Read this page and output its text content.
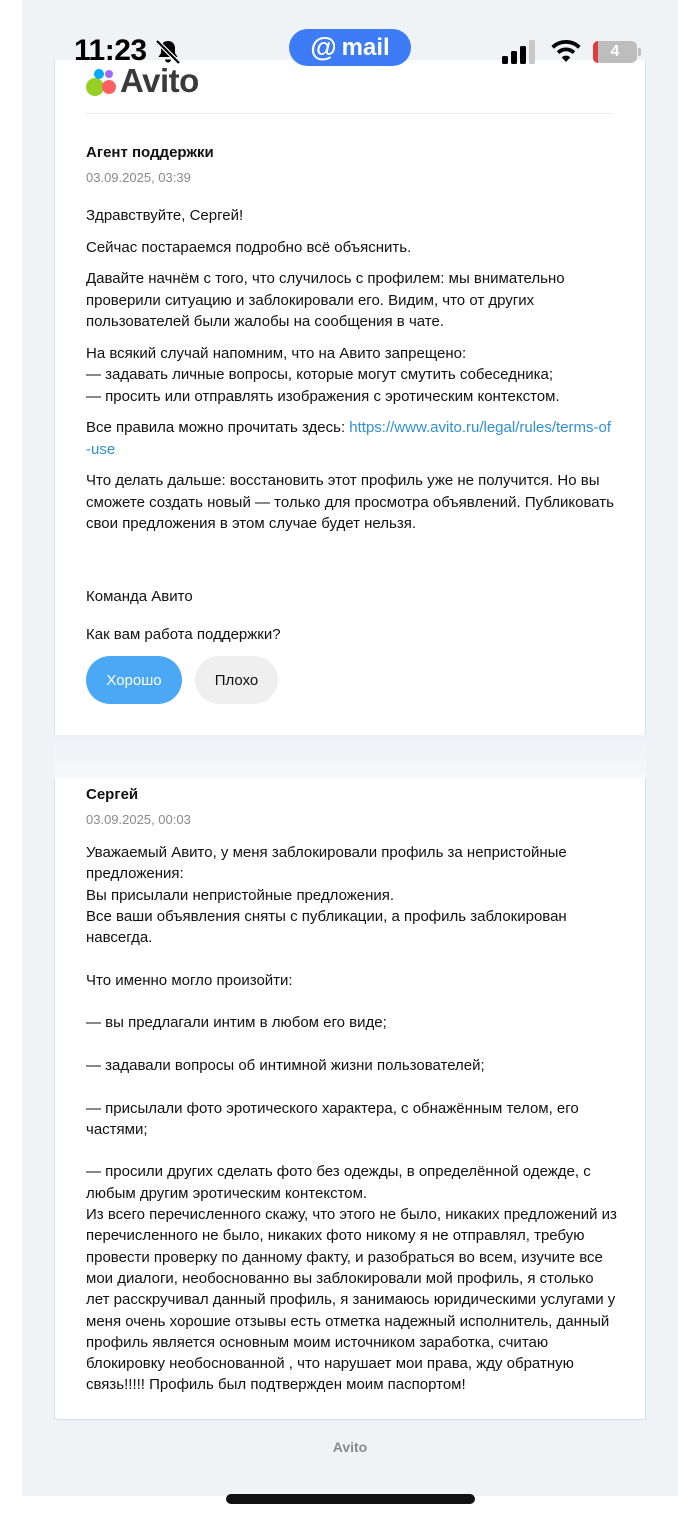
11:23	@ mail	4
Avito
Агент поддержки
03.09.2025, 03:39

Здравствуйте, Сергей!

Сейчас постараемся подробно всё объяснить.

Давайте начнём с того, что случилось с профилем: мы внимательно проверили ситуацию и заблокировали его. Видим, что от других пользователей были жалобы на сообщения в чате.

На всякий случай напомним, что на Авито запрещено:
— задавать личные вопросы, которые могут смутить собеседника;
— просить или отправлять изображения с эротическим контекстом.

Все правила можно прочитать здесь: https://www.avito.ru/legal/rules/terms-of-use

Что делать дальше: восстановить этот профиль уже не получится. Но вы сможете создать новый — только для просмотра объявлений. Публиковать свои предложения в этом случае будет нельзя.

Команда Авито
Как вам работа поддержки?
Хорошо	Плохо
Сергей
03.09.2025, 00:03
Уважаемый Авито, у меня заблокировали профиль за непристойные предложения:
Вы присылали непристойные предложения.
Все ваши объявления сняты с публикации, а профиль заблокирован навсегда.

Что именно могло произойти:

— вы предлагали интим в любом его виде;

— задавали вопросы об интимной жизни пользователей;

— присылали фото эротического характера, с обнажённым телом, его частями;

— просили других сделать фото без одежды, в определённой одежде, с любым другим эротическим контекстом.
Из всего перечисленного скажу, что этого не было, никаких предложений из перечисленного не было, никаких фото никому я не отправлял, требую провести проверку по данному факту, и разобраться во всем, изучите все мои диалоги, необоснованно вы заблокировали мой профиль, я столько лет расскручивал данный профиль, я занимаюсь юридическими услугами у меня очень хорошие отзывы есть отметка надежный исполнитель, данный профиль является основным моим источником заработка, считаю блокировку необоснованной , что нарушает мои права, жду обратную связь!!!!! Профиль был подтвержден моим паспортом!
Avito
